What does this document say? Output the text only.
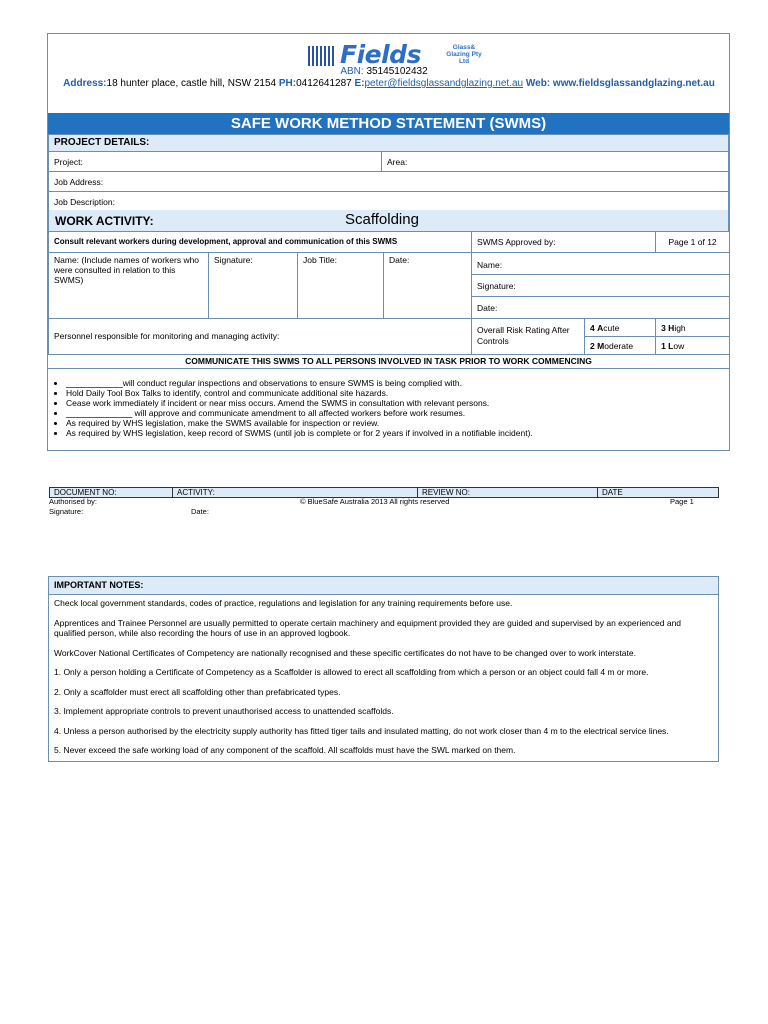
Fields	Glass& Glazing Pty Ltd
ABN: 35145102432
Address:18 hunter place, castle hill, NSW 2154 PH:0412641287 E:peter@fieldsglassandglazing.net.au Web: www.fieldsglassandglazing.net.au
SAFE WORK METHOD STATEMENT (SWMS)
PROJECT DETAILS:
Project:	Area:
Job Address:
Job Description:
WORK ACTIVITY:	Scaffolding
Consult relevant workers during development, approval and communication of this SWMS				SWMS Approved by:		Page 1 of 12
Name: (Include names of workers who were consulted in relation to this SWMS)	Signature:	Job Title:	Date:	Name:		
				Signature:		
				Date:		
Personnel responsible for monitoring and managing activity:				Overall Risk Rating After Controls	4 Acute	3 High
					2 Moderate	1 Low
COMMUNICATE THIS SWMS TO ALL PERSONS INVOLVED IN TASK PRIOR TO WORK COMMENCING
• ____________will conduct regular inspections and observations to ensure SWMS is being complied with.
• Hold Daily Tool Box Talks to identify, control and communicate additional site hazards.
• Cease work immediately if incident or near miss occurs. Amend the SWMS in consultation with relevant persons.
• ______________ will approve and communicate amendment to all affected workers before work resumes.
• As required by WHS legislation, make the SWMS available for inspection or review.
• As required by WHS legislation, keep record of SWMS (until job is complete or for 2 years if involved in a notifiable incident).
DOCUMENT NO:	ACTIVITY:	REVIEW NO:	DATE
Authorised by:	© BlueSafe Australia 2013 All rights reserved	Page 1
Signature:	Date:
IMPORTANT NOTES:

Check local government standards, codes of practice, regulations and legislation for any training requirements before use.

Apprentices and Trainee Personnel are usually permitted to operate certain machinery and equipment provided they are guided and supervised by an experienced and qualified person, while also recording the hours of use in an approved logbook.

WorkCover National Certificates of Competency are nationally recognised and these specific certificates do not have to be changed over to work interstate.

1. Only a person holding a Certificate of Competency as a Scaffolder is allowed to erect all scaffolding from which a person or an object could fall 4 m or more.

2. Only a scaffolder must erect all scaffolding other than prefabricated types.

3. Implement appropriate controls to prevent unauthorised access to unattended scaffolds.

4. Unless a person authorised by the electricity supply authority has fitted tiger tails and insulated matting, do not work closer than 4 m to the electrical service lines.

5. Never exceed the safe working load of any component of the scaffold. All scaffolds must have the SWL marked on them.
